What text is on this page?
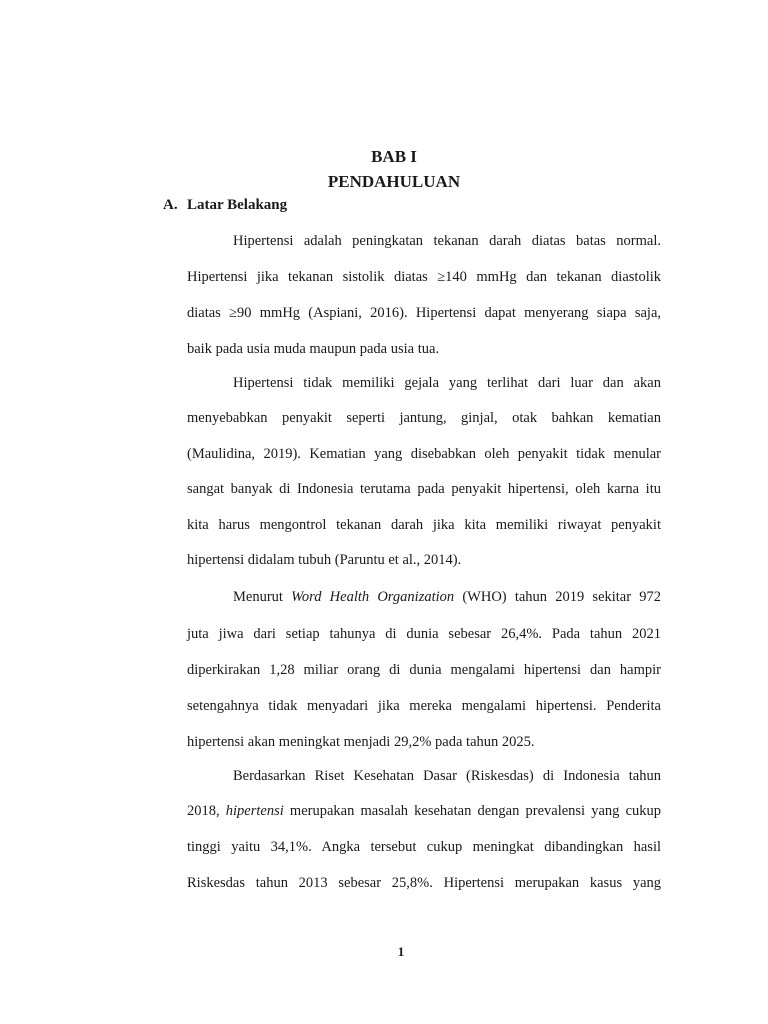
BAB I
PENDAHULUAN
A. Latar Belakang
Hipertensi adalah peningkatan tekanan darah diatas batas normal.
Hipertensi jika tekanan sistolik diatas ≥140 mmHg dan tekanan diastolik
diatas ≥90 mmHg (Aspiani, 2016). Hipertensi dapat menyerang siapa saja,
baik pada usia muda maupun pada usia tua.
Hipertensi tidak memiliki gejala yang terlihat dari luar dan akan
menyebabkan penyakit seperti jantung, ginjal, otak bahkan kematian
(Maulidina, 2019). Kematian yang disebabkan oleh penyakit tidak menular
sangat banyak di Indonesia terutama pada penyakit hipertensi, oleh karna itu
kita harus mengontrol tekanan darah jika kita memiliki riwayat penyakit
hipertensi didalam tubuh (Paruntu et al., 2014).
Menurut Word Health Organization (WHO) tahun 2019 sekitar 972
juta jiwa dari setiap tahunya di dunia sebesar 26,4%. Pada tahun 2021
diperkirakan 1,28 miliar orang di dunia mengalami hipertensi dan hampir
setengahnya tidak menyadari jika mereka mengalami hipertensi. Penderita
hipertensi akan meningkat menjadi 29,2% pada tahun 2025.
Berdasarkan Riset Kesehatan Dasar (Riskesdas) di Indonesia tahun
2018, hipertensi merupakan masalah kesehatan dengan prevalensi yang cukup
tinggi yaitu 34,1%. Angka tersebut cukup meningkat dibandingkan hasil
Riskesdas tahun 2013 sebesar 25,8%. Hipertensi merupakan kasus yang
1
